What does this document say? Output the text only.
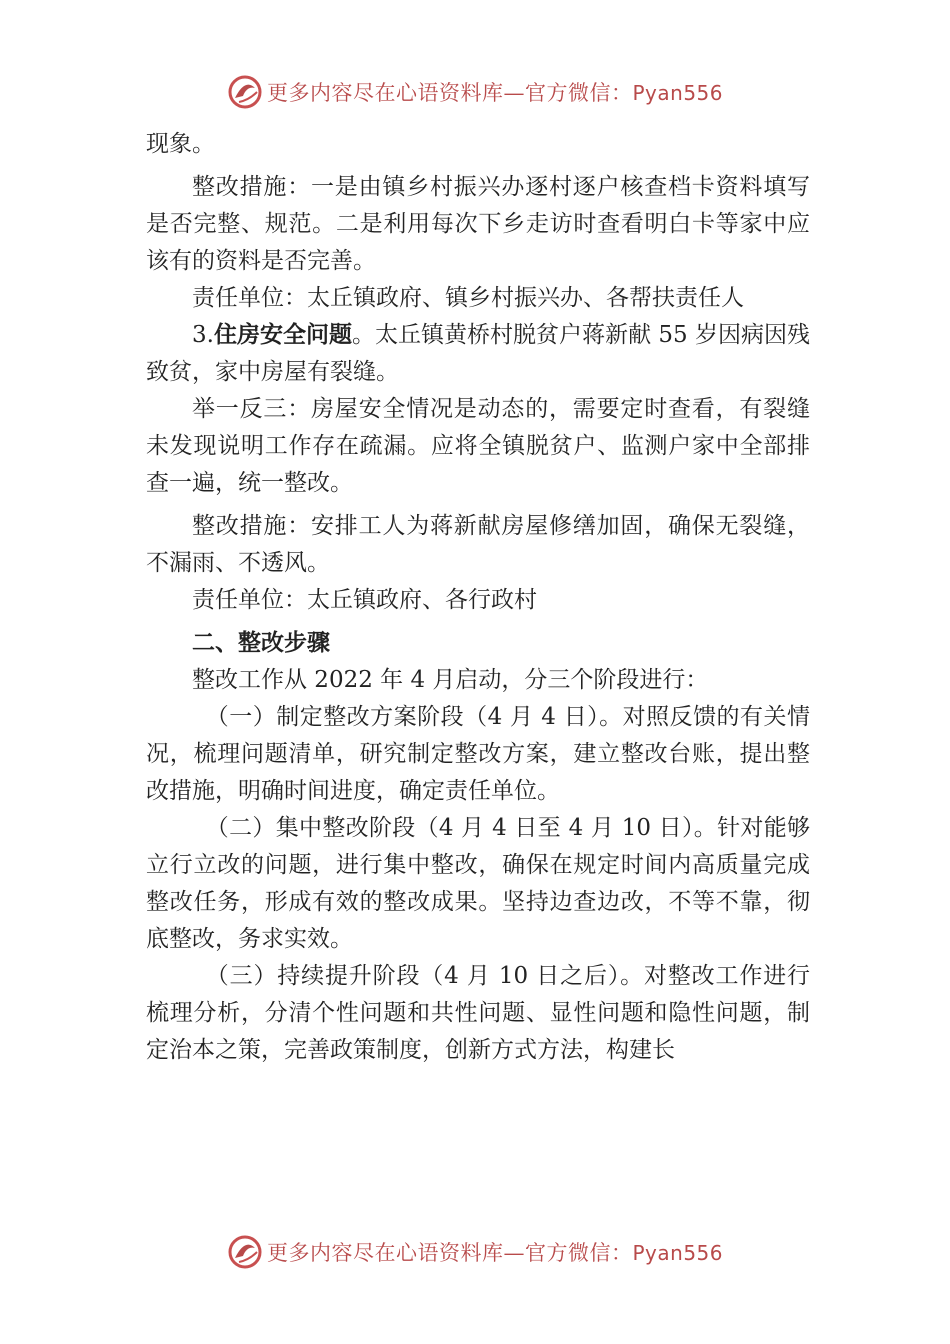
更多内容尽在心语资料库—官方微信：Pyan556

现象。

整改措施：一是由镇乡村振兴办逐村逐户核查档卡资料填写是否完整、规范。二是利用每次下乡走访时查看明白卡等家中应该有的资料是否完善。

责任单位：太丘镇政府、镇乡村振兴办、各帮扶责任人

3.住房安全问题。太丘镇黄桥村脱贫户蒋新献 55 岁因病因残致贫，家中房屋有裂缝。

举一反三：房屋安全情况是动态的，需要定时查看，有裂缝未发现说明工作存在疏漏。应将全镇脱贫户、监测户家中全部排查一遍，统一整改。

整改措施：安排工人为蒋新献房屋修缮加固，确保无裂缝，不漏雨、不透风。

责任单位：太丘镇政府、各行政村

二、整改步骤

整改工作从 2022 年 4 月启动，分三个阶段进行：

（一）制定整改方案阶段（4 月 4 日）。对照反馈的有关情况，梳理问题清单，研究制定整改方案，建立整改台账，提出整改措施，明确时间进度，确定责任单位。

（二）集中整改阶段（4 月 4 日至 4 月 10 日）。针对能够立行立改的问题，进行集中整改，确保在规定时间内高质量完成整改任务，形成有效的整改成果。坚持边查边改，不等不靠，彻底整改，务求实效。

（三）持续提升阶段（4 月 10 日之后）。对整改工作进行梳理分析，分清个性问题和共性问题、显性问题和隐性问题，制定治本之策，完善政策制度，创新方式方法，构建长

更多内容尽在心语资料库—官方微信：Pyan556
